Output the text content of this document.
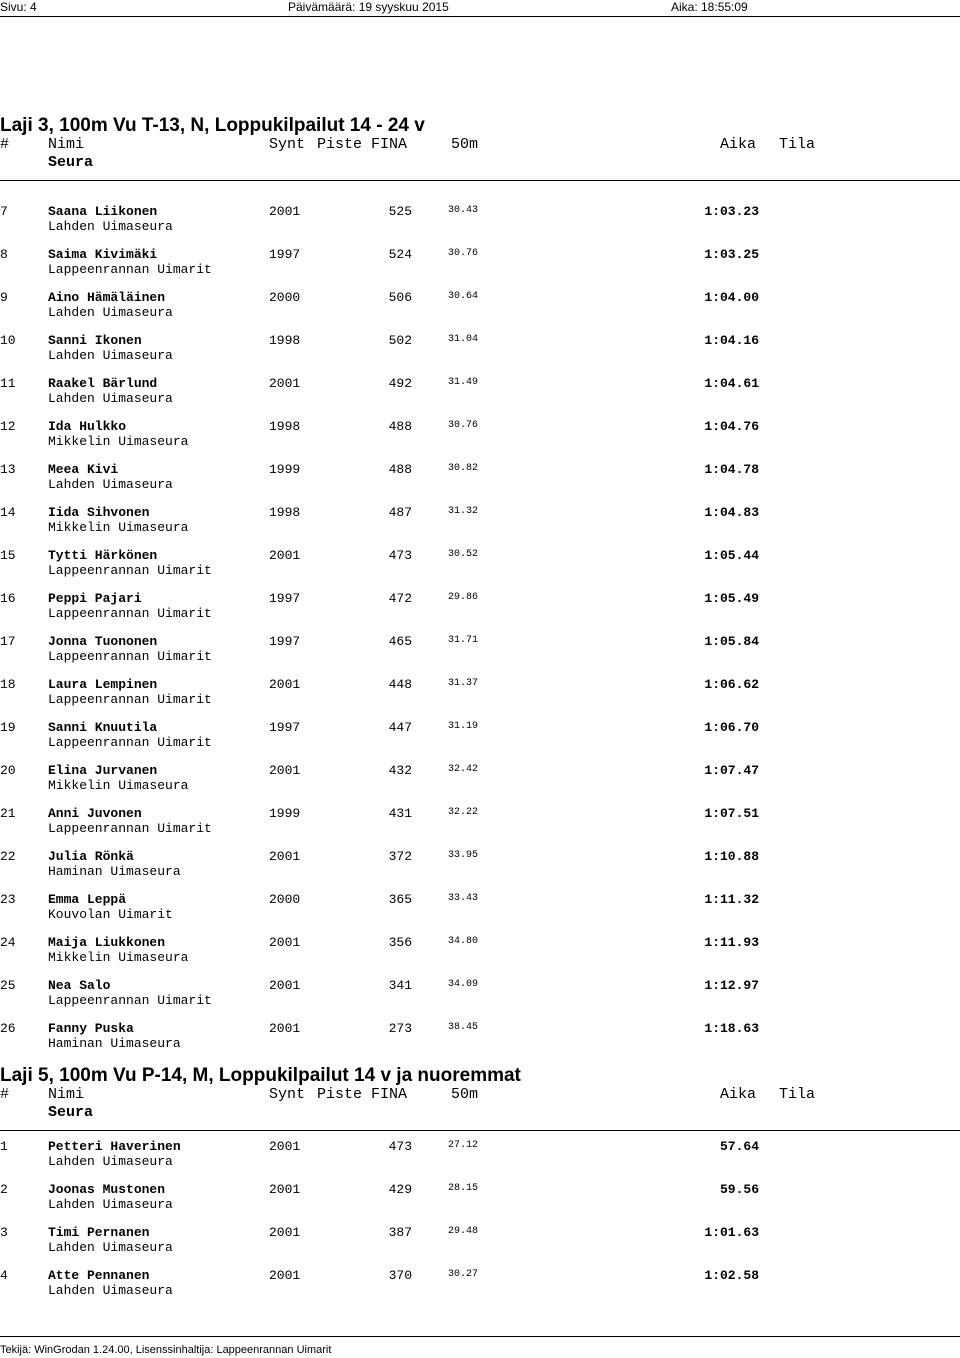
Sivu: 4	Päivämäärä: 19 syyskuu 2015	Aika: 18:55:09
Laji 3, 100m Vu T-13, N, Loppukilpailut 14 - 24 v
#	Nimi
Seura
Synt Piste FINA	50m	Aika Tila
7	Saana Liikonen
Lahden Uimaseura
2001	525	30.43	1:03.23
8	Saima Kivimäki
Lappeenrannan Uimarit
1997	524	30.76	1:03.25
9	Aino Hämäläinen
Lahden Uimaseura
2000	506	30.64	1:04.00
10 Sanni Ikonen
Lahden Uimaseura
1998	502	31.04	1:04.16
11 Raakel Bärlund
Lahden Uimaseura
2001	492	31.49	1:04.61
12 Ida Hulkko
Mikkelin Uimaseura
1998	488	30.76	1:04.76
13 Meea Kivi
Lahden Uimaseura
1999	488	30.82	1:04.78
14 Iida Sihvonen
Mikkelin Uimaseura
1998	487	31.32	1:04.83
15 Tytti Härkönen
Lappeenrannan Uimarit
2001	473	30.52	1:05.44
16 Peppi Pajari
Lappeenrannan Uimarit
1997	472	29.86	1:05.49
17 Jonna Tuononen
Lappeenrannan Uimarit
1997	465	31.71	1:05.84
18 Laura Lempinen
Lappeenrannan Uimarit
2001	448	31.37	1:06.62
19 Sanni Knuutila
Lappeenrannan Uimarit
1997	447	31.19	1:06.70
20 Elina Jurvanen
Mikkelin Uimaseura
2001	432	32.42	1:07.47
21 Anni Juvonen
Lappeenrannan Uimarit
1999	431	32.22	1:07.51
22 Julia Rönkä
Haminan Uimaseura
2001	372	33.95	1:10.88
23 Emma Leppä
Kouvolan Uimarit
2000	365	33.43	1:11.32
24 Maija Liukkonen
Mikkelin Uimaseura
2001	356	34.80	1:11.93
25 Nea Salo
Lappeenrannan Uimarit
2001	341	34.09	1:12.97
26 Fanny Puska
Haminan Uimaseura
2001	273	38.45	1:18.63
Laji 5, 100m Vu P-14, M, Loppukilpailut 14 v ja nuoremmat
#	Nimi
Seura
Synt Piste FINA	50m	Aika Tila
1	Petteri Haverinen
Lahden Uimaseura
2001	473	27.12	57.64
2	Joonas Mustonen
Lahden Uimaseura
2001	429	28.15	59.56
3	Timi Pernanen
Lahden Uimaseura
2001	387	29.48	1:01.63
4	Atte Pennanen
Lahden Uimaseura
2001	370	30.27	1:02.58
Tekijä: WinGrodan 1.24.00, Lisenssinhaltija: Lappeenrannan Uimarit
